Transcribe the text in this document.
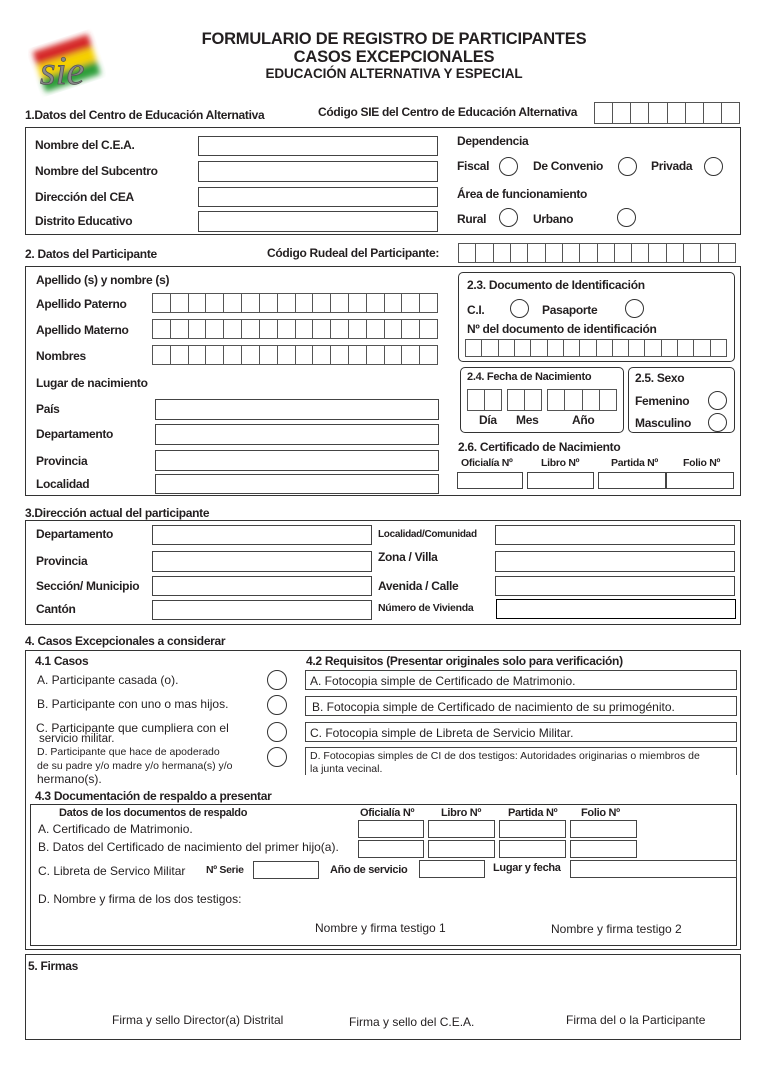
sie
FORMULARIO DE REGISTRO DE PARTICIPANTES
CASOS EXCEPCIONALES
EDUCACIÓN ALTERNATIVA Y ESPECIAL
1.Datos del Centro de Educación Alternativa	Código SIE del Centro de Educación Alternativa
Nombre del C.E.A.
Nombre del Subcentro
Dirección del CEA
Distrito Educativo
Dependencia
Fiscal	De Convenio	Privada
Área de funcionamiento
Rural	Urbano
2. Datos del Participante	Código Rudeal del Participante:
Apellido (s) y nombre (s)
Apellido Paterno
Apellido Materno
Nombres
Lugar de nacimiento
País
Departamento
Provincia
Localidad
2.3. Documento de Identificación
C.I.	Pasaporte
Nº del documento de identificación
2.4. Fecha de Nacimiento
Día Mes	Año
2.5. Sexo
Femenino
Masculino
2.6. Certificado de Nacimiento
Oficialía Nº	Libro Nº	Partida Nº Folio Nº
3.Dirección actual del participante
Departamento
Provincia
Sección/ Municipio
Cantón
Localidad/Comunidad
Zona / Villa
Avenida / Calle
Número de Vivienda
4. Casos Excepcionales a considerar
4.1 Casos
A. Participante casada (o).
B. Participante con uno o mas hijos.
C. Participante que cumpliera con el
servicio militar.
D. Participante que hace de apoderado
de su padre y/o madre y/o hermana(s) y/o
hermano(s).
4.2 Requisitos (Presentar originales solo para verificación)
A. Fotocopia simple de Certificado de Matrimonio.
B. Fotocopia simple de Certificado de nacimiento de su primogénito.
C. Fotocopia simple de Libreta de Servicio Militar.
D. Fotocopias simples de CI de dos testigos: Autoridades originarias o miembros de
la junta vecinal.
4.3 Documentación de respaldo a presentar
Datos de los documentos de respaldo	Oficialía Nº Libro Nº Partida Nº Folio Nº
A. Certificado de Matrimonio.
B. Datos del Certificado de nacimiento del primer hijo(a).
C. Libreta de Servico Militar Nº Serie	Año de servicio	Lugar y fecha
D. Nombre y firma de los dos testigos:
Nombre y firma testigo 1	Nombre y firma testigo 2
5. Firmas
Firma y sello Director(a) Distrital	Firma y sello del C.E.A.	Firma del o la Participante
